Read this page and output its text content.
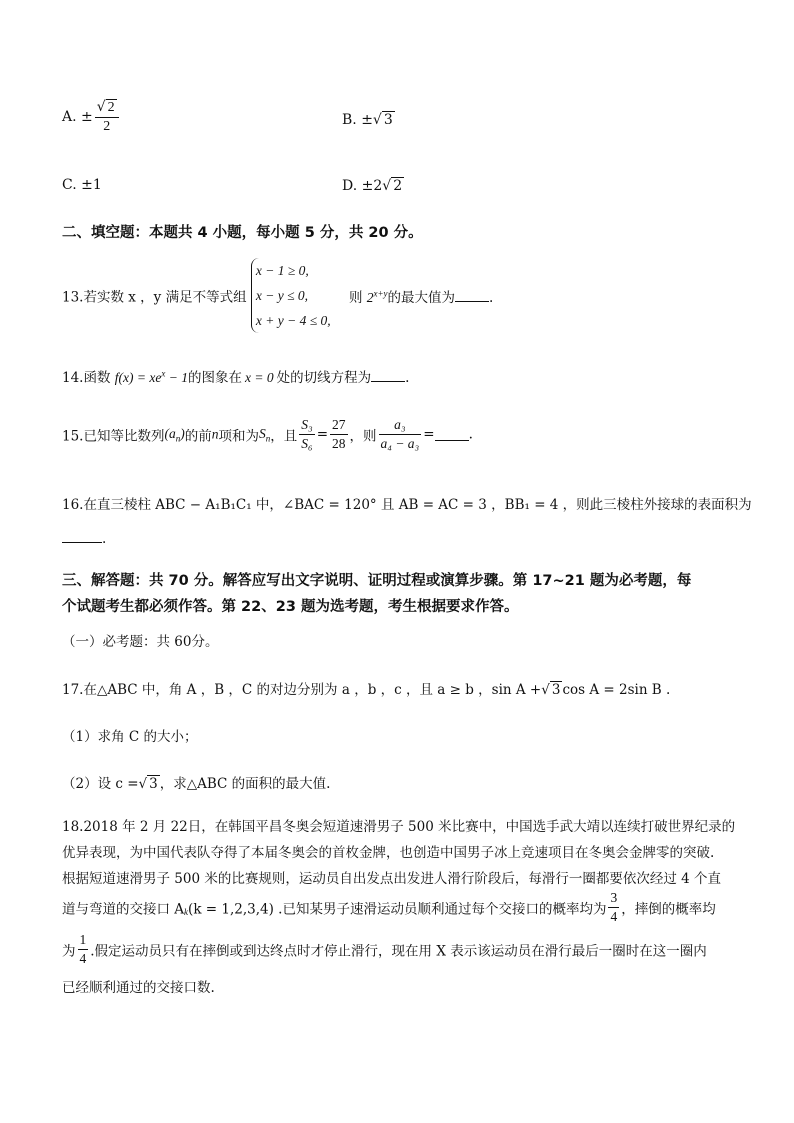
A. ± $\frac{√ 2}{2}$	B. ±√ 3
C. ±1	D. ±2√ 2
二、填空题：本题共 4 小题，每小题 5 分，共 20 分。
13.若实数 x ，y 满足不等式组
x − 1 ≥ 0,
x − y ≤ 0,
x + y − 4 ≤ 0,
则 $2^{x+y}$的最大值为	.
14.函数 $f(x) = xe^x - 1$的图象在 x = 0 处的切线方程为	.
15.已知等比数列$(a_n)$的前n项和为$S_n$，且 $\frac{\text{S₃}}{\text{S₆}} = \frac{27}{28}$ ，则 $\frac{\text{a₃}}{\text{a₄ − a₃}}$ =	.
16.在直三棱柱 ABC − A₁B₁C₁ 中，∠BAC = 120° 且 AB = AC = 3 ，BB₁ = 4 ，则此三棱柱外接球的表面积为
.
三、解答题：共 70 分。解答应写出文字说明、证明过程或演算步骤。第 17~21 题为必考题，每
个试题考生都必须作答。第 22、23 题为选考题，考生根据要求作答。
（一）必考题：共 60分。
17.在△ABC 中，角 A ，B ，C 的对边分别为 a ，b ，c ，且 a ≥ b ，sin A +√ 3 cos A = 2sin B .
（1）求角 C 的大小；
（2）设 c =√ 3 ，求△ABC 的面积的最大值.
18.2018 年 2 月 22日，在韩国平昌冬奥会短道速滑男子 500 米比赛中，中国选手武大靖以连续打破世界纪录的
优异表现，为中国代表队夺得了本届冬奥会的首枚金牌，也创造中国男子冰上竞速项目在冬奥会金牌零的突破.
根据短道速滑男子 500 米的比赛规则，运动员自出发点出发进人滑行阶段后，每滑行一圈都要依次经过 4 个直
道与弯道的交接口 $A_k(k = 1,2,3,4)$ .已知某男子速滑运动员顺利通过每个交接口的概率均为 $\frac{3}{4}$ ，摔倒的概率均
为 $\frac{1}{4}$ .假定运动员只有在摔倒或到达终点时才停止滑行，现在用 X 表示该运动员在滑行最后一圈时在这一圈内
已经顺利通过的交接口数.
